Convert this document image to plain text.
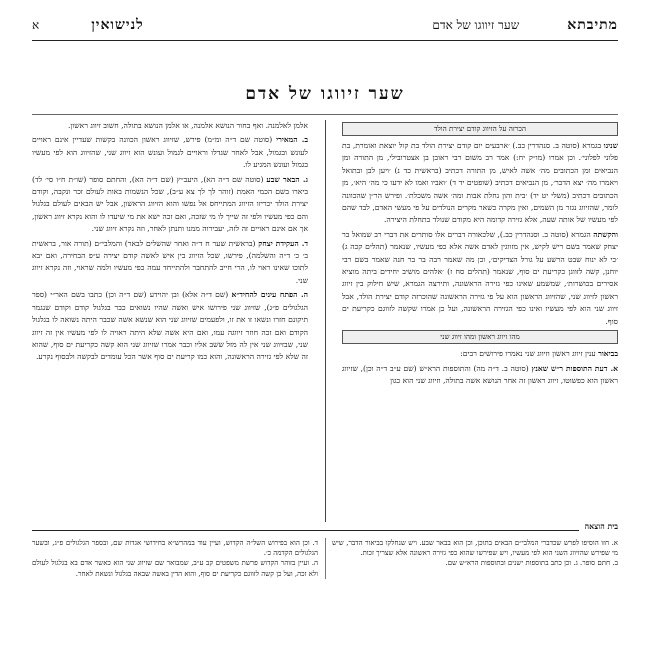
מתיבתא
שער זיווגו של אדם
לנישואין
א
שער זיווגו של אדם
הכרזה על הזיווג קודם יצירת הולד

שנינו בגמרא (סוטה ב. סנהדרין כב.) ׳ארבעים יום קודם יצירת הולד בת קול יוצאת ואומרת, בת פלוני לפלוני׳. וכן אמרו (מו״ק יח:) אמר רב משום רבי ראובן בן אצטרובילי, מן התורה ומן הנביאים ומן הכתובים מה׳ אשה לאיש, מן התורה דכתיב (בראשית כד נ) ׳ויען לבן ובתואל ויאמרו מה׳ יצא הדבר׳, מן הנביאים דכתיב (שופטים יד ד) ׳ואביו ואמו לא ידעו כי מה׳ היא׳, מן הכתובים דכתיב (משלי יט יד) ׳בית והון נחלת אבות ומה׳ אשה משכלת׳. ופירש הר״ן שהכוונה לומר, שהזיווג נגזר מן השמים, ואין מקרה כשאר מקרים הנולדים על פי מעשי האדם, לבד שהם לפי מעשיו של אותה שעה, אלא גזירה קדומה היא מקודם שנולד בתחלת היצירה.

והקשתה הגמרא (סוטה ב. וסנהדרין כב.), שלכאורה דברים אלו סותרים את דברי רב שמואל בר יצחק שאמר בשם ריש לקיש, אין מזווגין לאדם אשה אלא כפי מעשיו, שנאמר (תהלים קכה ג) ׳כי לא ינוח שבט הרשע על גורל הצדיקים׳, וכן מה שאמר רבה בר בר חנה שאמר בשם רבי יוחנן, קשה לזווגן כקריעת ים סוף, שנאמר (תהלים סח ז) ׳אלהים מושיב יחידים ביתה מוציא אסירים בכושרות׳, שמשמע שאינו כפי גזירה הראשונה, ותירצה הגמרא, שיש חילוק בין זיווג ראשון לזיווג שני, שהזיווג הראשון הוא על פי גזירה הראשונה שהוכרזה קודם יצירת הולד, אבל זיווג שני הוא לפי מעשיו ואינו כפי הגזירה הראשונה, ועל כן אמרו שקשה לזווגם כקריעת ים סוף.

מהו זיווג ראשון ומהו זיווג שני

בביאור ענין זיווג ראשון וזיווג שני נאמרו פירושים רבים:

א. דעת התוספות ר״ש שאנץ (סוטה ב. ד״ה מה) והתוספות הרא״ש (שם ע״ב ד״ה וכן), שזיווג ראשון הוא כפשוטו, זיווג ראשון זה אחר הנושא אשה בתולה, וזיווג שני הוא כגון

אלמן לאלמנה. ואף בחור הנושא אלמנה, או אלמן הנושא בתולה, חשוב זיווג ראשון.

ב. המאירי (סוטה שם ד״ה ומ״מ) פירש, שזיווג ראשון הכוונה בקשות שעדיין אינם ראויים לעונש ובגמול, אבל לאחר שגדלו וראויים לגמול ועונש הוא זיווג שני, שהזיווג הוא לפי מעשיו בגמול ועונש המגיע לו.

ג. הבאר שבע (סוטה שם ד״ה הא), היעב״ץ (שם ד״ה הא), והחתם סופר (שו״ת ח״ו סי׳ לד) ביארו בשם הכמי האמת (זוהר לך לך צא ע״ב), שכל הנשמות באות לעולם זכר ונקבה, וקודם יצירת הולד יכריזו הזיווג המתייחס אל נפשו והוא הזיווג הראשון, אבל יש הבאים לעולם בגלגול והם כפי מעשיו ולפי זה שייך לו מי שזכה, ואם זכה ישא את מי שיעדו לו והוא נקרא זיווג ראשון, אך אם אינם ראויים זה לזה, יעבירוה ממנו ותנתן לאחר, וזה נקרא זיווג שני.

ד. העקידת יצחק (בראשית שער ח ד״ה ואחר שהשלים לבאר) והמלבי״ם (תורה אור, בראשית ב׳ כ׳ ד״ה והשלמה), פירשו, שכל הזיווג בין איש לאשה קודם יצירה ע״פ הבחירה, ואם יבא לתוכו שאינו ראוי לו, הרי חייב להתחבר ולהתייחד עמה כפי מעשיו ולמה שראוי, וזה נקרא זיווג שני.

ה. הפתח עינים להחיד״א (שם ד״ה אלא) ובן יהוידע (שם ד״ה וכן) כתבו בשם האר״י (ספר הגלגולים פ״ג), שזיווג שני פירושו איש ואשה שהיו נשואים כבר בגלגול קודם וקודם שנגמר תיקונם חזרו ונשאו זו את זו, ולפעמים שזיווג שני הוא שנשא אשה שכבר היתה נשואה לו בגלגול הקודם ואם זכה חוזר זיווגה עמו, ואם היא אשה שלא היתה ראויה לו לפי מעשיו אין זה זיווג שני, שבזיווג שני אין לה מזל ששב אליו וכבר אמרו שזיווג שני הוא קשה כקריעת ים סוף, שהוא זה שלא לפי גזירה הראשונה, והוא כמו קריעת ים סוף אשר הכל עומדים לבקשה ולבסוף נקרע.

בית הוצאה

א. חזו הוסיפו לפרש שכדברי המלבי״ם הבאים בתוכן, וכן הוא בבאר שבע. ויש שנחלקו בביאור הדבר, שיש מי שפירש שהזיווג השני הוא לפי מעשיו, ויש שפירשו שהוא כפי גזירה ראשונה אלא שצריך זכות.

ב. חתם סופר. ג. וכן כתב בתוספות ישנים ובתוספות הרא״ש שם.

ד. וכן הוא בפירוש השל״ה הקדוש, ועיין עוד במהרש״א בחידושי אגדות שם, ובספר הגלגולים פ״ג, ובשער הגלגולים הקדמה כ׳.

ה. ועיין בזוהר הקדוש פרשת משפטים קב ע״ב, שמבואר שם שזיווג שני הוא כאשר אדם בא בגלגול לעולם ולא זכה, ועל כן קשה לזווגם כקריעת ים סוף, והוא הדין באשה שבאה בגלגול ונשאת לאחר.
